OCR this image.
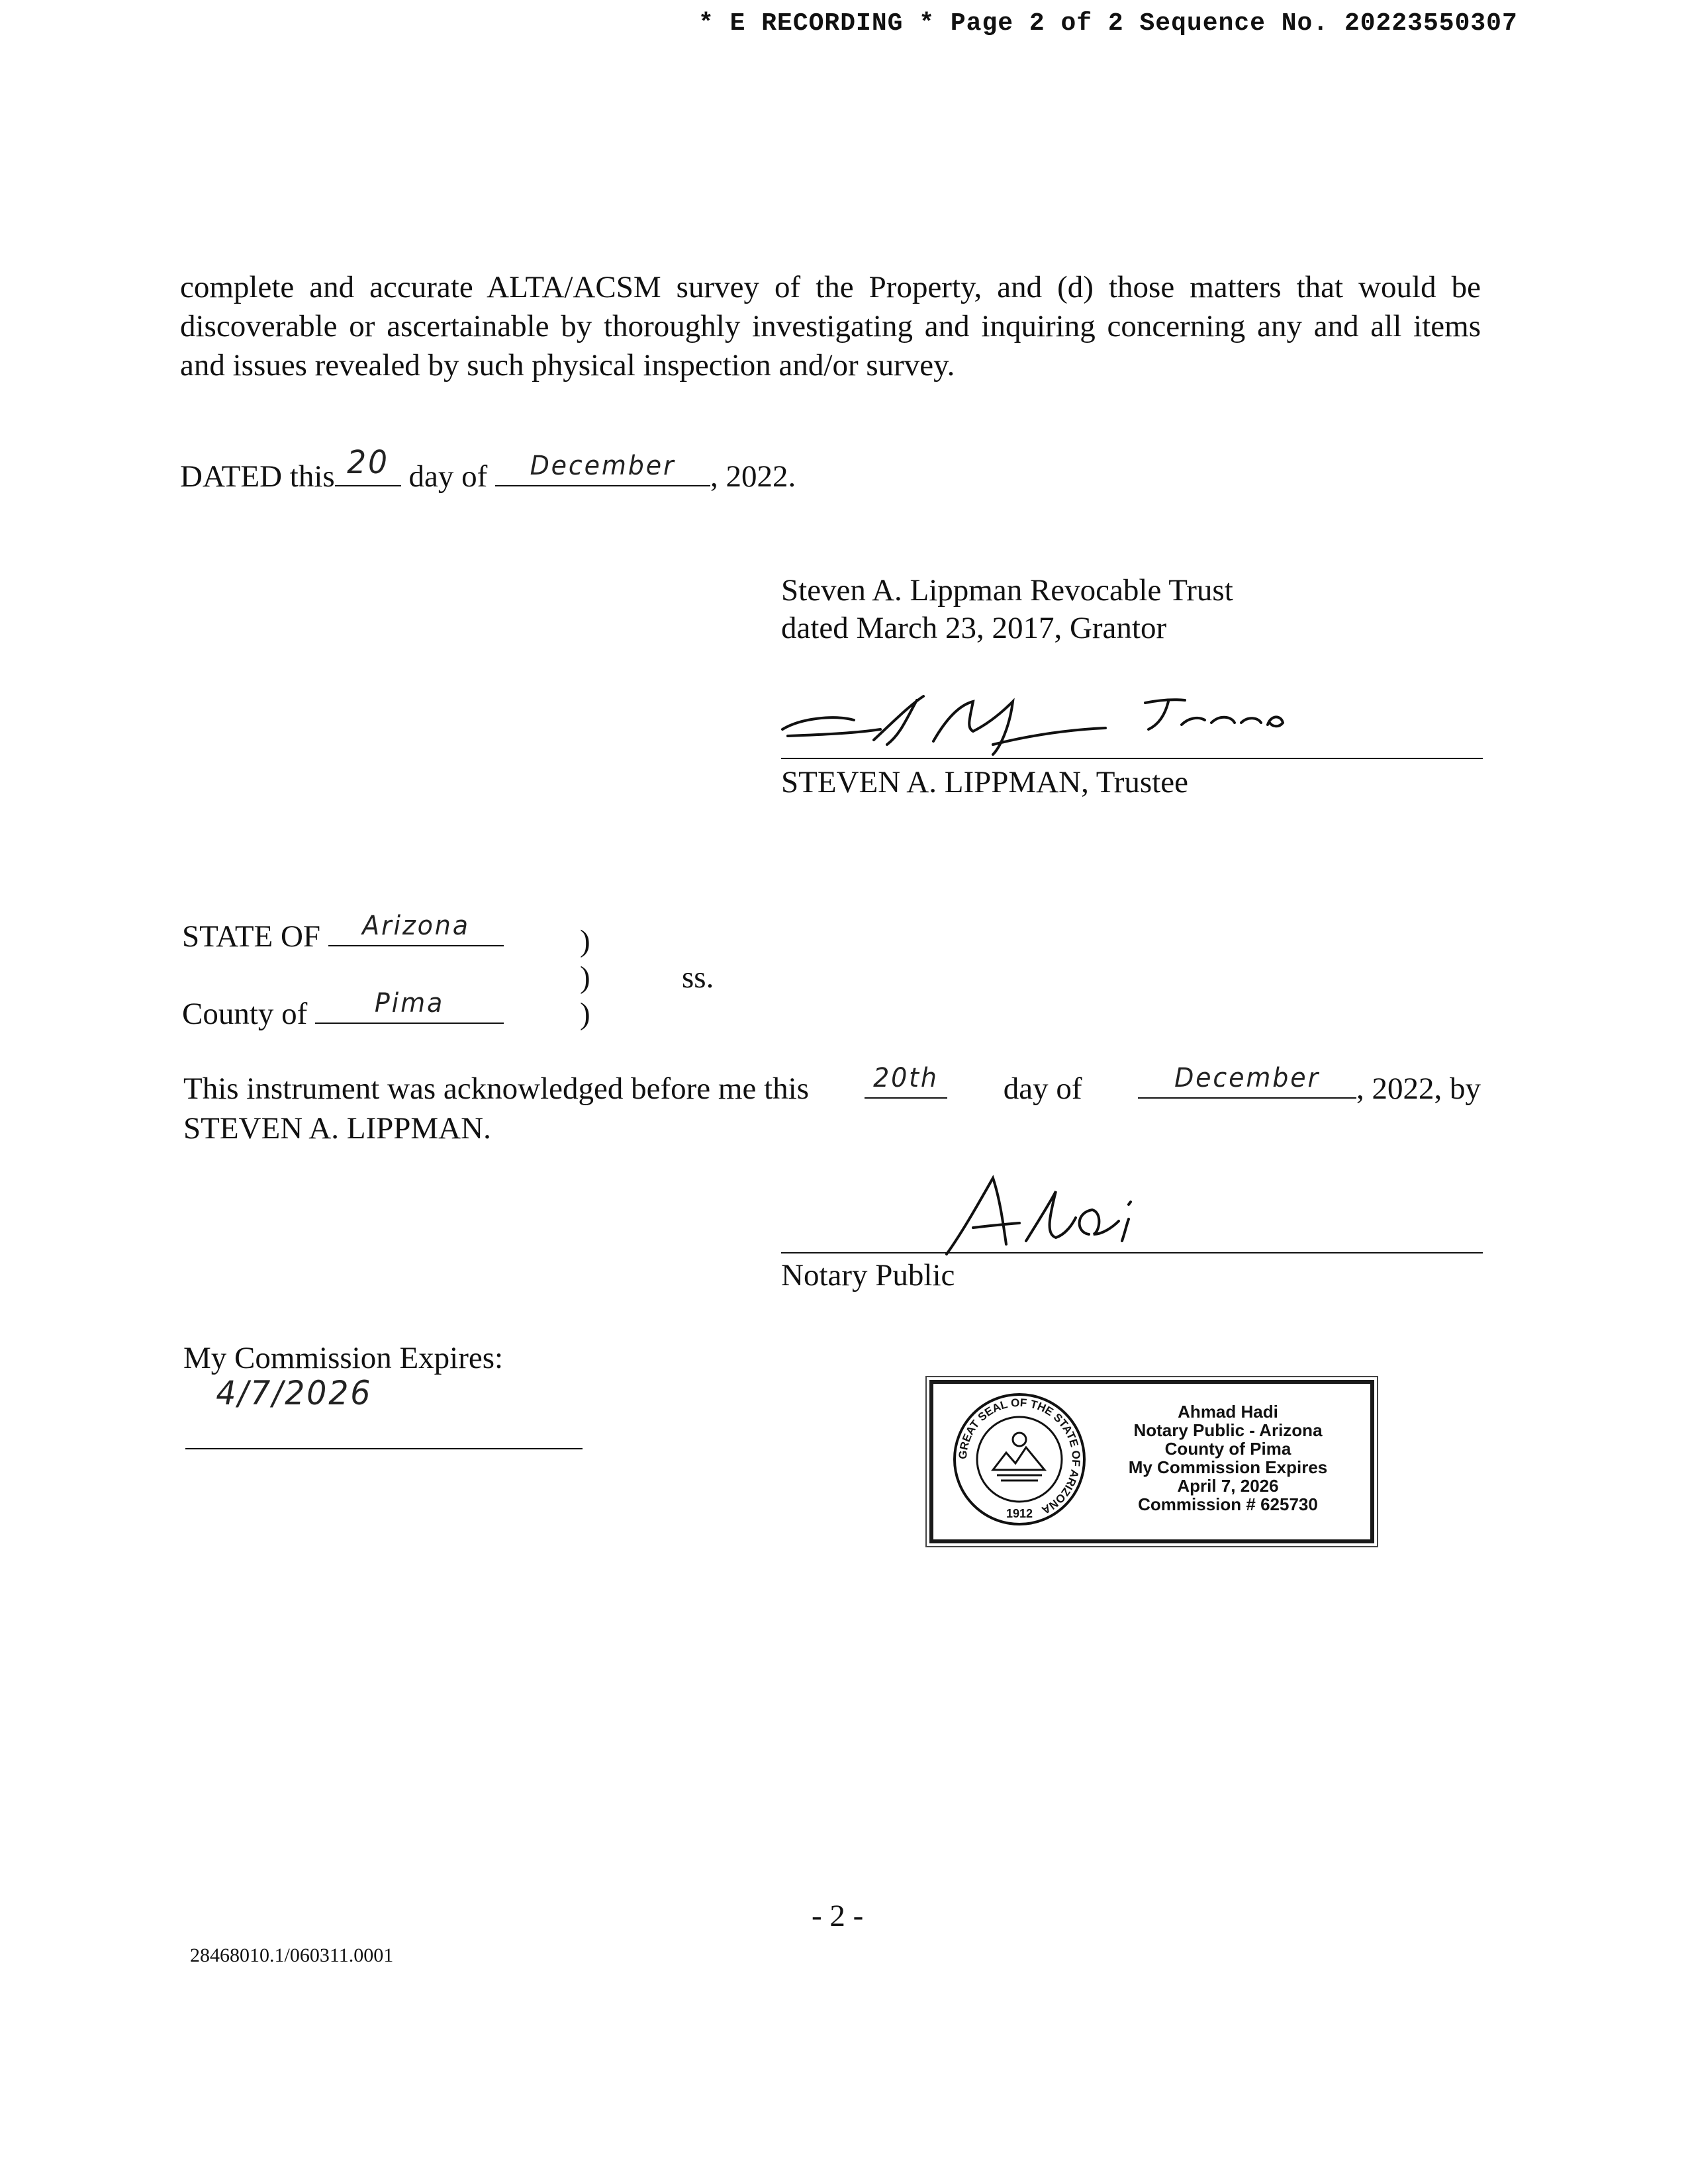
* E RECORDING * Page 2 of 2 Sequence No. 20223550307
complete and accurate ALTA/ACSM survey of the Property, and (d) those matters that would be discoverable or ascertainable by thoroughly investigating and inquiring concerning any and all items and issues revealed by such physical inspection and/or survey.
DATED this 20 day of	December	, 2022.
Steven A. Lippman Revocable Trust
dated March 23, 2017, Grantor
STEVEN A. LIPPMAN, Trustee
STATE OF	Arizona
County of	Pima
)
)
)
ss.
This instrument was acknowledged before me this 20th day of	December	, 2022, by
STEVEN A. LIPPMAN.
Notary Public
My Commission Expires:
4/7/2026
GREAT SEAL OF THE STATE OF ARIZONA
1912
Ahmad Hadi
Notary Public - Arizona
County of Pima
My Commission Expires
April 7, 2026
Commission # 625730
- 2 -
28468010.1/060311.0001
